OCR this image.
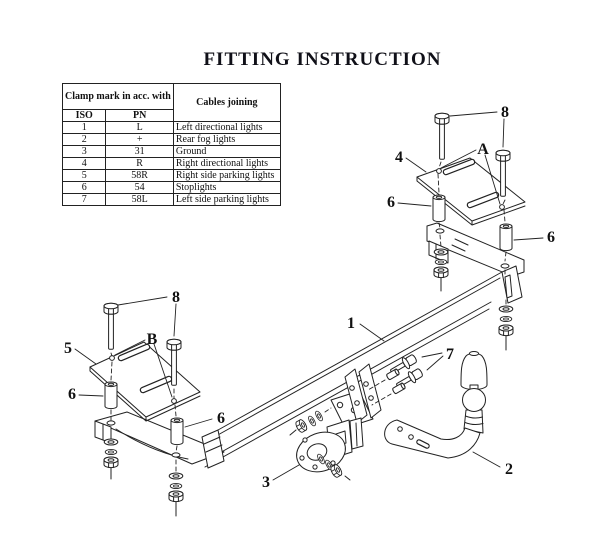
FITTING INSTRUCTION
Clamp mark in acc. with		Cables joining
ISO	PN	
1	L	Left directional lights
2	+	Rear fog lights
3	31	Ground
4	R	Right directional lights
5	58R	Right side parking lights
6	54	Stoplights
7	58L	Left side parking lights
1
2
3
4
5
6
6
6
6
7
8
8
A
B
